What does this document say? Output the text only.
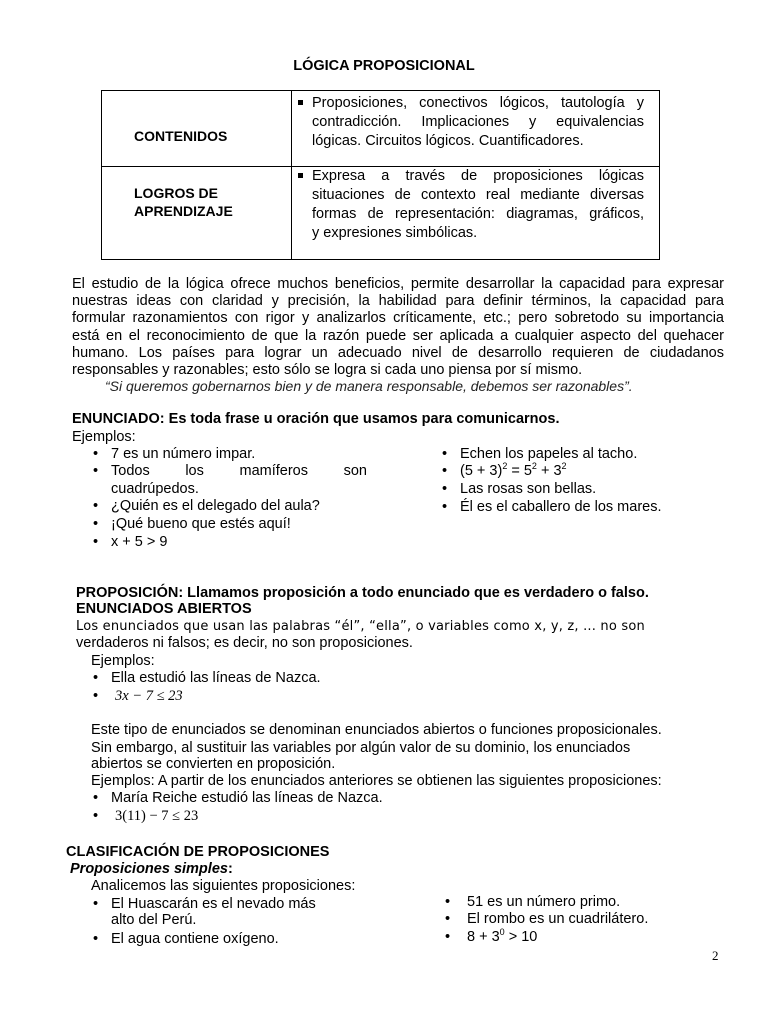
LÓGICA PROPOSICIONAL
CONTENIDOS
Proposiciones, conectivos lógicos, tautología y
contradicción. Implicaciones y equivalencias
lógicas. Circuitos lógicos. Cuantificadores.
LOGROS DE
APRENDIZAJE
Expresa a través de proposiciones lógicas
situaciones de contexto real mediante diversas
formas de representación: diagramas, gráficos,
y expresiones simbólicas.
El estudio de la lógica ofrece muchos beneficios, permite desarrollar la capacidad para expresar
nuestras ideas con claridad y precisión, la habilidad para definir términos, la capacidad para
formular razonamientos con rigor y analizarlos críticamente, etc.; pero sobretodo su importancia
está en el reconocimiento de que la razón puede ser aplicada a cualquier aspecto del quehacer
humano. Los países para lograr un adecuado nivel de desarrollo requieren de ciudadanos
responsables y razonables; esto sólo se logra si cada uno piensa por sí mismo.
“Si queremos gobernarnos bien y de manera responsable, debemos ser razonables”.
ENUNCIADO: Es toda frase u oración que usamos para comunicarnos.
Ejemplos:
• 7 es un número impar.
• Todos los mamíferos son
cuadrúpedos.
• ¿Quién es el delegado del aula?
• ¡Qué bueno que estés aquí!
• x + 5 > 9
• Echen los papeles al tacho.
• $(5 + 3)^2 = 5^2 + 3^2$
• Las rosas son bellas.
• Él es el caballero de los mares.
PROPOSICIÓN: Llamamos proposición a todo enunciado que es verdadero o falso.
ENUNCIADOS ABIERTOS
Los enunciados que usan las palabras “él”, “ella”, o variables como x, y, z, ... no son
verdaderos ni falsos; es decir, no son proposiciones.
Ejemplos:
• Ella estudió las líneas de Nazca.
• 3x − 7 ≤ 23
Este tipo de enunciados se denominan enunciados abiertos o funciones proposicionales.
Sin embargo, al sustituir las variables por algún valor de su dominio, los enunciados
abiertos se convierten en proposición.
Ejemplos: A partir de los enunciados anteriores se obtienen las siguientes proposiciones:
• María Reiche estudió las líneas de Nazca.
• 3(11) − 7 ≤ 23
CLASIFICACIÓN DE PROPOSICIONES
Proposiciones simples:
Analicemos las siguientes proposiciones:
• El Huascarán es el nevado más
alto del Perú.
• El agua contiene oxígeno.
• 51 es un número primo.
• El rombo es un cuadrilátero.
• $8 + 3^0 > 10$
2
